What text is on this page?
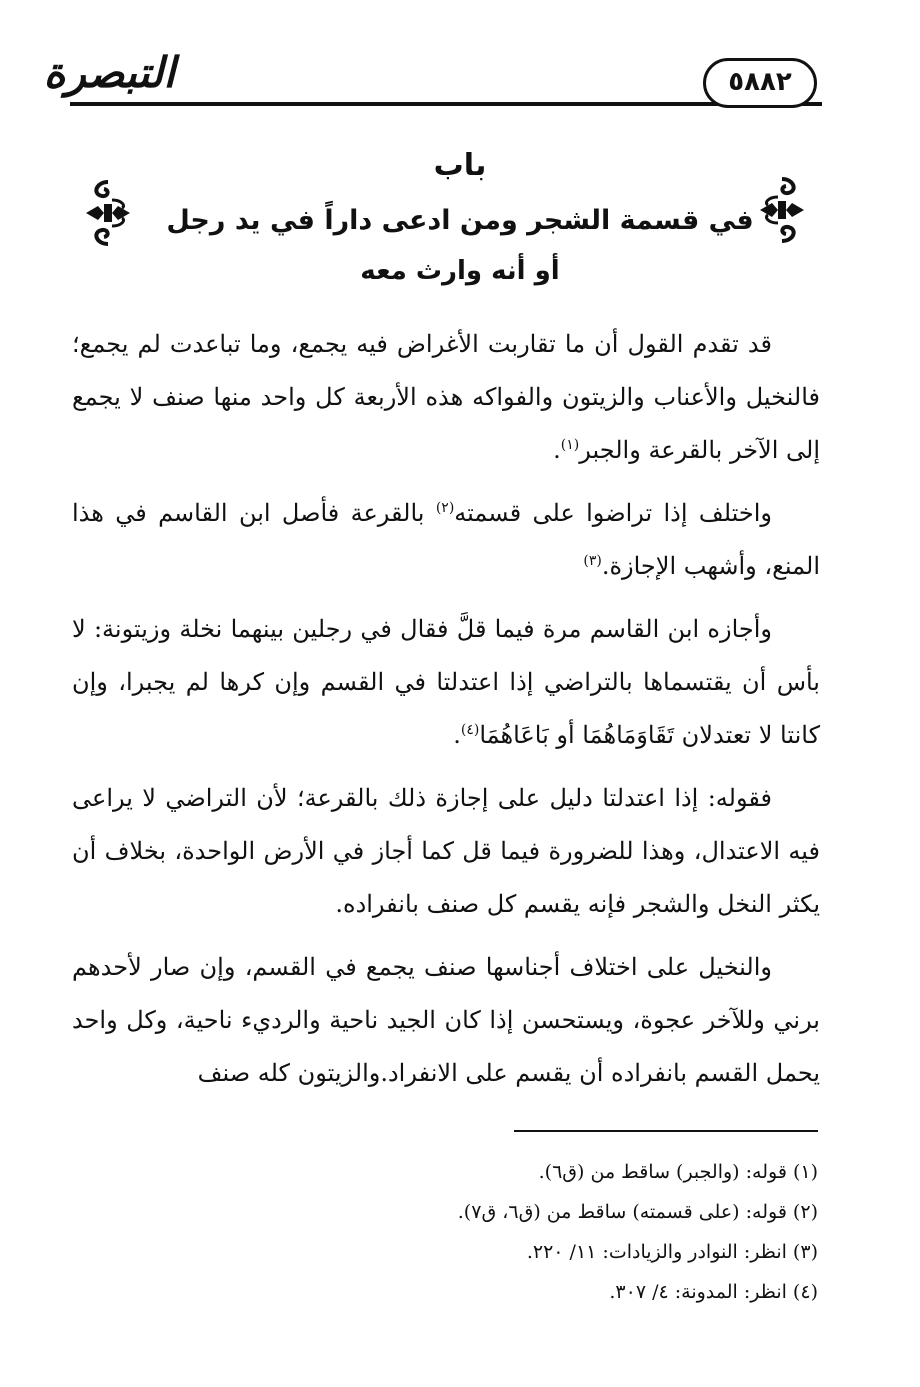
التبصرة	٥٨٨٢
باب
في قسمة الشجر ومن ادعى داراً في يد رجل
أو أنه وارث معه

قد تقدم القول أن ما تقاربت الأغراض فيه يجمع، وما تباعدت لم يجمع؛ فالنخيل والأعناب والزيتون والفواكه هذه الأربعة كل واحد منها صنف لا يجمع إلى الآخر بالقرعة والجبر$^{(١)}$.

واختلف إذا تراضوا على قسمته$^{(٢)}$ بالقرعة فأصل ابن القاسم في هذا المنع، وأشهب الإجازة.$^{(٣)}$

وأجازه ابن القاسم مرة فيما قلَّ فقال في رجلين بينهما نخلة وزيتونة: لا بأس أن يقتسماها بالتراضي إذا اعتدلتا في القسم وإن كرها لم يجبرا، وإن كانتا لا تعتدلان تَقَاوَمَاهُمَا أو بَاعَاهُمَا$^{(٤)}$.

فقوله: إذا اعتدلتا دليل على إجازة ذلك بالقرعة؛ لأن التراضي لا يراعى فيه الاعتدال، وهذا للضرورة فيما قل كما أجاز في الأرض الواحدة، بخلاف أن يكثر النخل والشجر فإنه يقسم كل صنف بانفراده.

والنخيل على اختلاف أجناسها صنف يجمع في القسم، وإن صار لأحدهم برني وللآخر عجوة، ويستحسن إذا كان الجيد ناحية والرديء ناحية، وكل واحد يحمل القسم بانفراده أن يقسم على الانفراد.والزيتون كله صنف

(١) قوله: (والجبر) ساقط من (ق٦).

(٢) قوله: (على قسمته) ساقط من (ق٦، ق٧).

(٣) انظر: النوادر والزيادات: ١١/ ٢٢٠.

(٤) انظر: المدونة: ٤/ ٣٠٧.
